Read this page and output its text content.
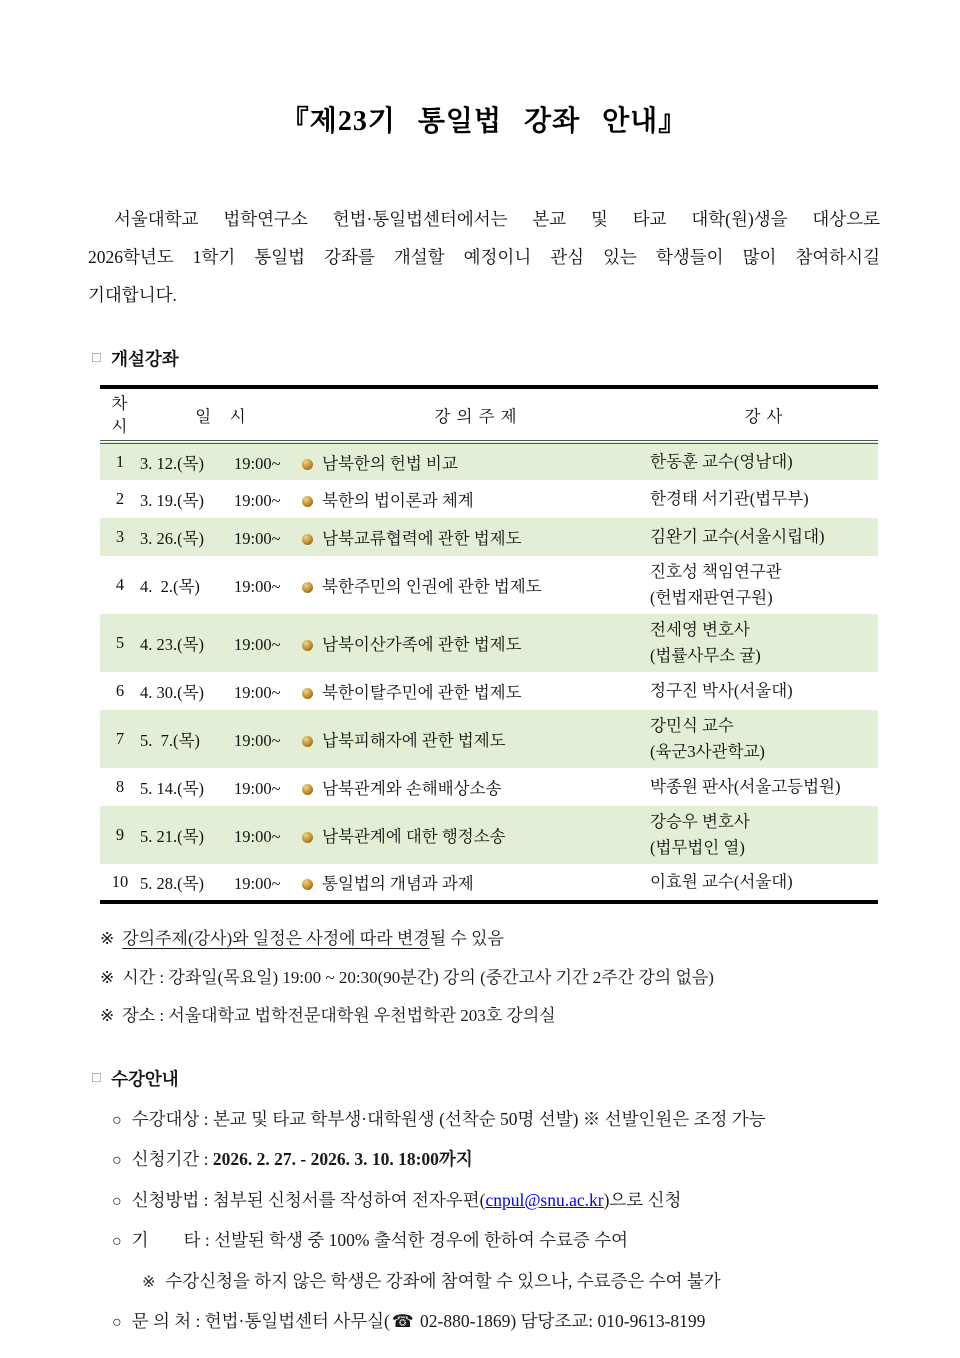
『제23기 통일법 강좌 안내』
서울대학교 법학연구소 헌법·통일법센터에서는 본교 및 타교 대학(원)생을 대상으로
2026학년도 1학기 통일법 강좌를 개설할 예정이니 관심 있는 학생들이 많이 참여하시길
기대합니다.
□ 개설강좌
차
시	일　시	강 의 주 제	강 사
1	3. 12.(목) 19:00~	남북한의 헌법 비교	한동훈 교수(영남대)
2	3. 19.(목) 19:00~	북한의 법이론과 체계	한경태 서기관(법무부)
3	3. 26.(목) 19:00~	남북교류협력에 관한 법제도	김완기 교수(서울시립대)
4	4.  2.(목) 19:00~	북한주민의 인권에 관한 법제도	진호성 책임연구관
(헌법재판연구원)

5	4. 23.(목) 19:00~	남북이산가족에 관한 법제도	전세영 변호사
(법률사무소 귤)

6	4. 30.(목) 19:00~	북한이탈주민에 관한 법제도	정구진 박사(서울대)
7	5.  7.(목) 19:00~	납북피해자에 관한 법제도	강민식 교수
(육군3사관학교)

8	5. 14.(목) 19:00~	남북관계와 손해배상소송	박종원 판사(서울고등법원)
9	5. 21.(목) 19:00~	남북관계에 대한 행정소송	강승우 변호사
(법무법인 열)

10	5. 28.(목) 19:00~	통일법의 개념과 과제	이효원 교수(서울대)
※ 강의주제(강사)와 일정은 사정에 따라 변경될 수 있음
※ 시간 : 강좌일(목요일) 19:00 ~ 20:30(90분간) 강의 (중간고사 기간 2주간 강의 없음)
※ 장소 : 서울대학교 법학전문대학원 우천법학관 203호 강의실
□ 수강안내
○ 수강대상 : 본교 및 타교 학부생·대학원생 (선착순 50명 선발) ※ 선발인원은 조정 가능
○ 신청기간 : 2026. 2. 27. - 2026. 3. 10. 18:00까지
○ 신청방법 : 첨부된 신청서를 작성하여 전자우편(cnpul@snu.ac.kr)으로 신청
○ 기　　타 : 선발된 학생 중 100% 출석한 경우에 한하여 수료증 수여
※ 수강신청을 하지 않은 학생은 강좌에 참여할 수 있으나, 수료증은 수여 불가
○ 문 의 처 : 헌법·통일법센터 사무실( ☎ 02-880-1869) 담당조교: 010-9613-8199
